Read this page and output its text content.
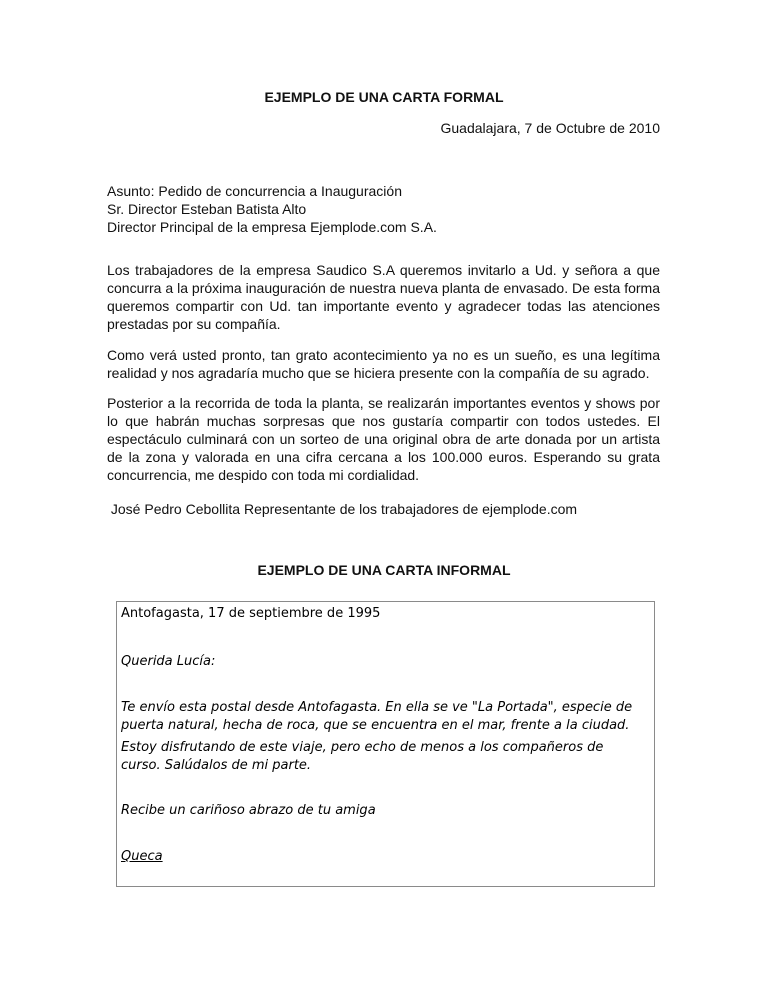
EJEMPLO DE UNA CARTA FORMAL
Guadalajara, 7 de Octubre de 2010
Asunto: Pedido de concurrencia a Inauguración
Sr. Director Esteban Batista Alto
Director Principal de la empresa Ejemplode.com S.A.
Los trabajadores de la empresa Saudico S.A queremos invitarlo a Ud. y señora a que concurra a la próxima inauguración de nuestra nueva planta de envasado. De esta forma queremos compartir con Ud. tan importante evento y agradecer todas las atenciones prestadas por su compañía.
Como verá usted pronto, tan grato acontecimiento ya no es un sueño, es una legítima realidad y nos agradaría mucho que se hiciera presente con la compañía de su agrado.
Posterior a la recorrida de toda la planta, se realizarán importantes eventos y shows por lo que habrán muchas sorpresas que nos gustaría compartir con todos ustedes. El espectáculo culminará con un sorteo de una original obra de arte donada por un artista de la zona y valorada en una cifra cercana a los 100.000 euros. Esperando su grata concurrencia, me despido con toda mi cordialidad.
José Pedro Cebollita Representante de los trabajadores de ejemplode.com
EJEMPLO DE UNA CARTA INFORMAL
Antofagasta, 17 de septiembre de 1995
Querida Lucía:
Te envío esta postal desde Antofagasta. En ella se ve "La Portada", especie de
puerta natural, hecha de roca, que se encuentra en el mar, frente a la ciudad.
Estoy disfrutando de este viaje, pero echo de menos a los compañeros de
curso. Salúdalos de mi parte.
Recibe un cariñoso abrazo de tu amiga
Queca
